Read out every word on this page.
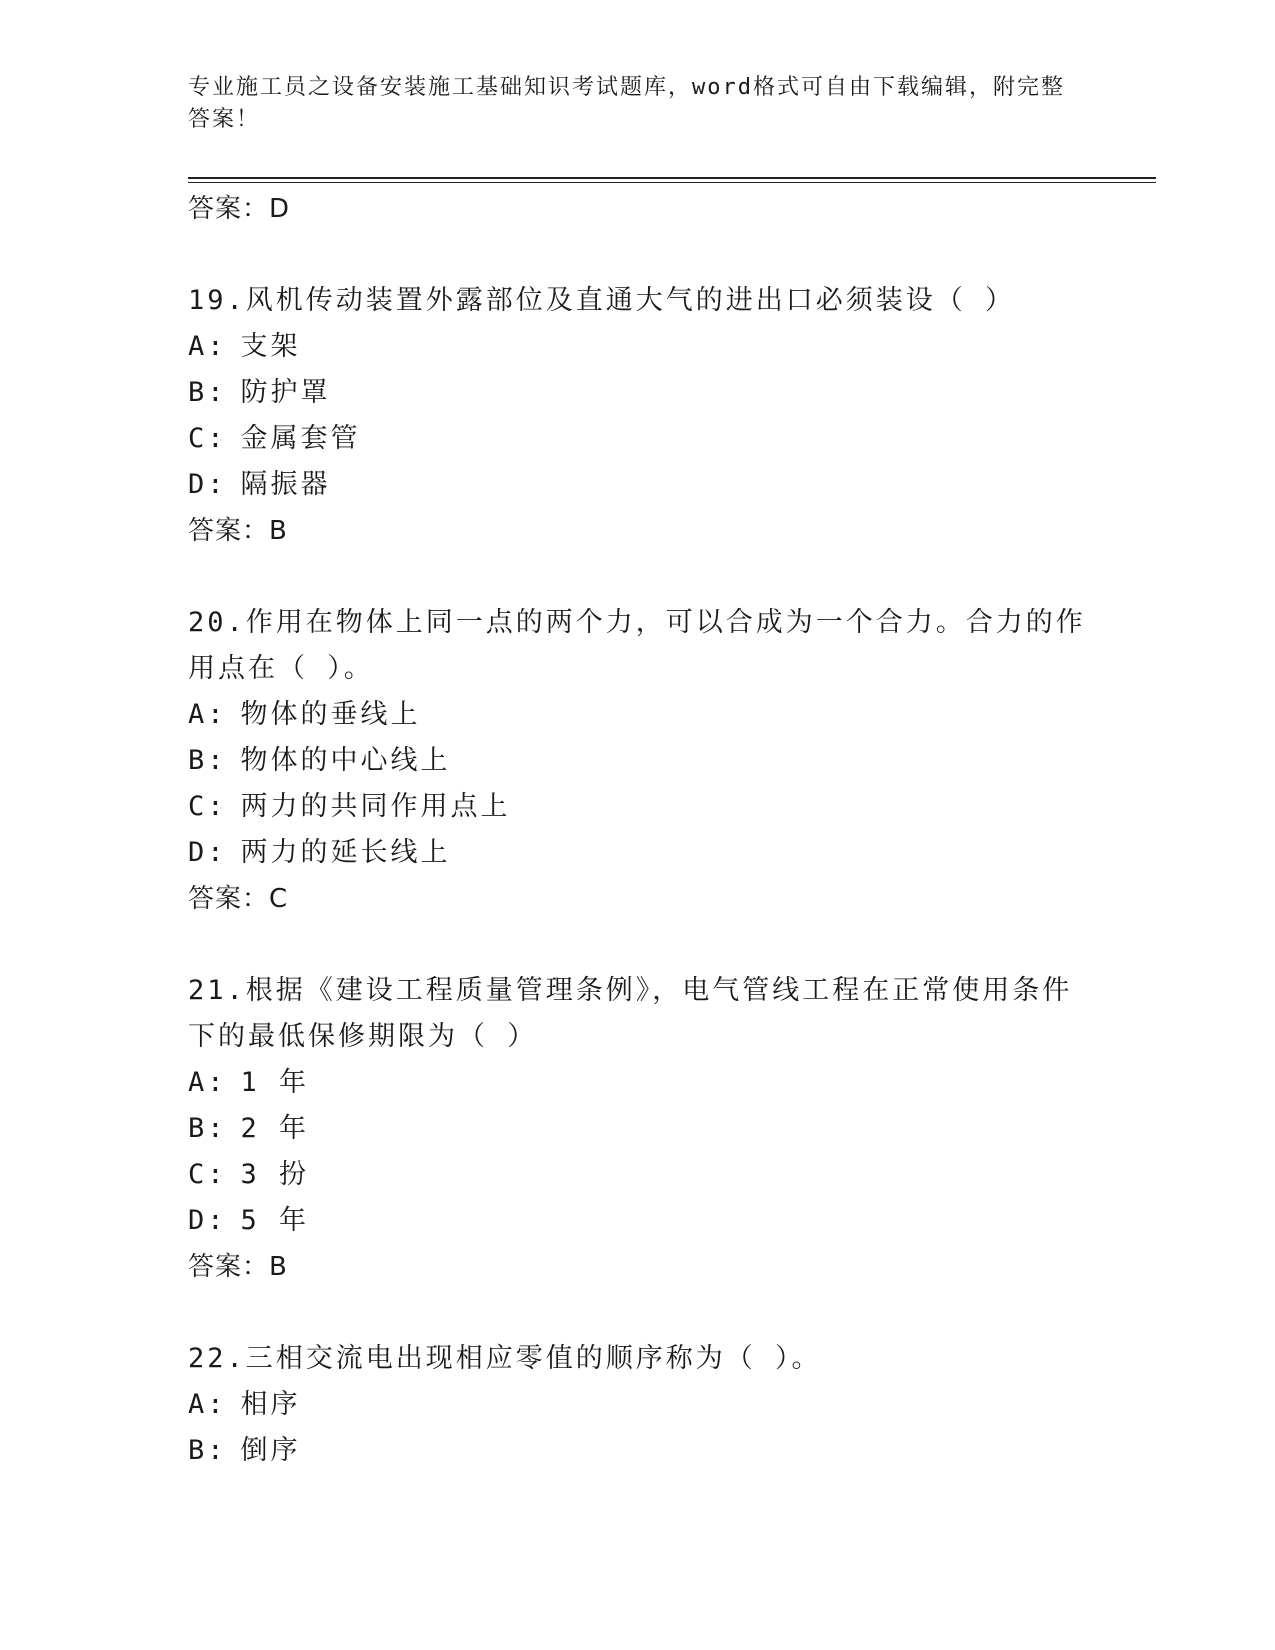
专业施工员之设备安装施工基础知识考试题库，word格式可自由下载编辑，附完整答案！
答案：D
19.风机传动装置外露部位及直通大气的进出口必须装设（ ）
A: 支架
B: 防护罩
C: 金属套管
D: 隔振器
答案：B
20.作用在物体上同一点的两个力，可以合成为一个合力。合力的作用点在（ ）。
A: 物体的垂线上
B: 物体的中心线上
C: 两力的共同作用点上
D: 两力的延长线上
答案：C
21.根据《建设工程质量管理条例》，电气管线工程在正常使用条件下的最低保修期限为（ ）
A: 1 年
B: 2 年
C: 3 扮
D: 5 年
答案：B
22.三相交流电出现相应零值的顺序称为（ ）。
A: 相序
B: 倒序
